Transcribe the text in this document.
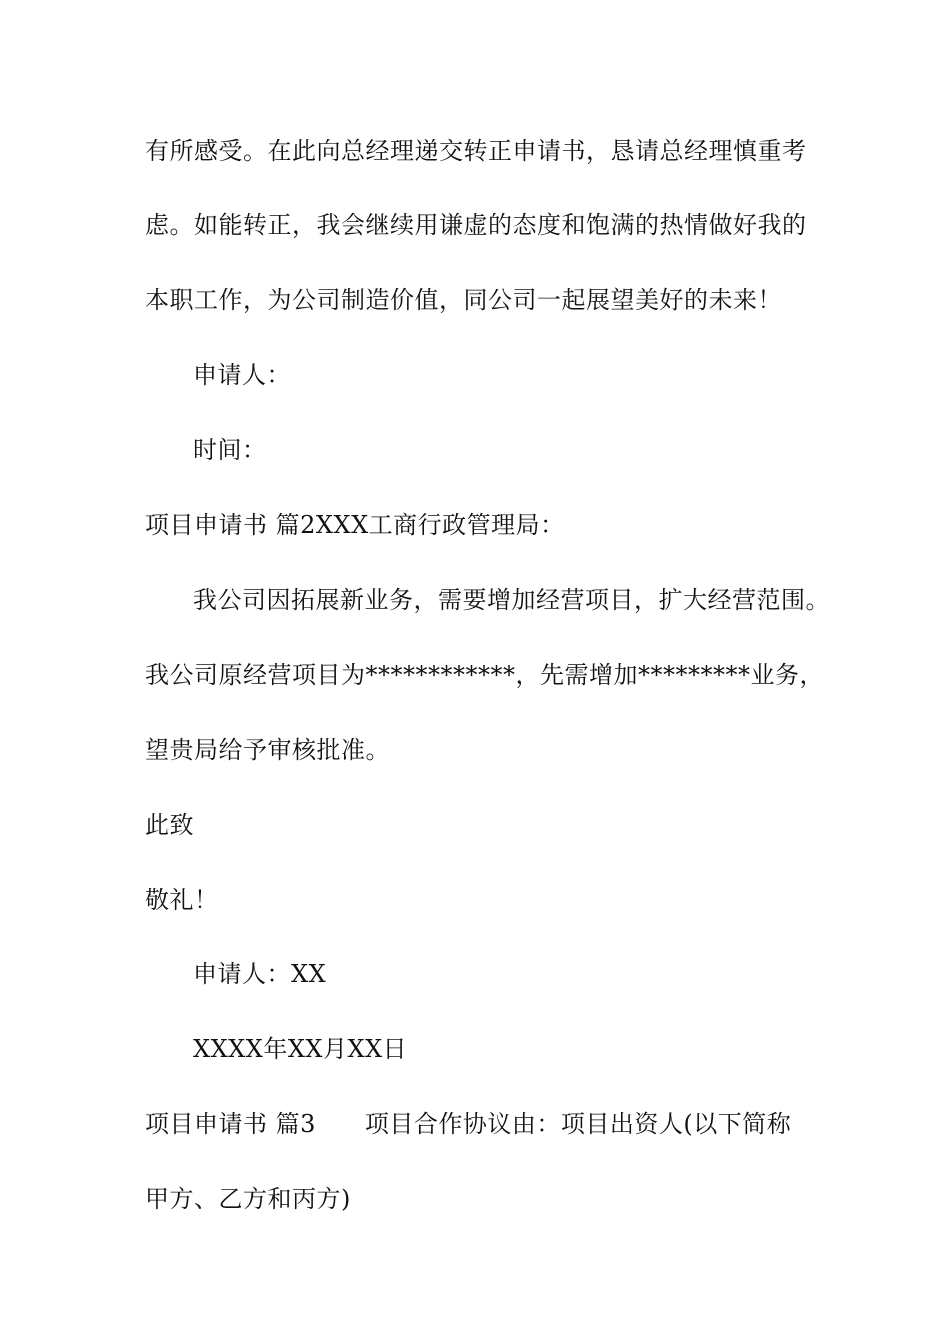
有所感受。在此向总经理递交转正申请书，恳请总经理慎重考
虑。如能转正，我会继续用谦虚的态度和饱满的热情做好我的
本职工作，为公司制造价值，同公司一起展望美好的未来！
申请人：
时间：
项目申请书 篇2XXX工商行政管理局：
我公司因拓展新业务，需要增加经营项目，扩大经营范围。
我公司原经营项目为************，先需增加*********业务，
望贵局给予审核批准。
此致
敬礼！
申请人：XX
XXXX年XX月XX日
项目申请书 篇3　　项目合作协议由：项目出资人(以下简称
甲方、乙方和丙方)
